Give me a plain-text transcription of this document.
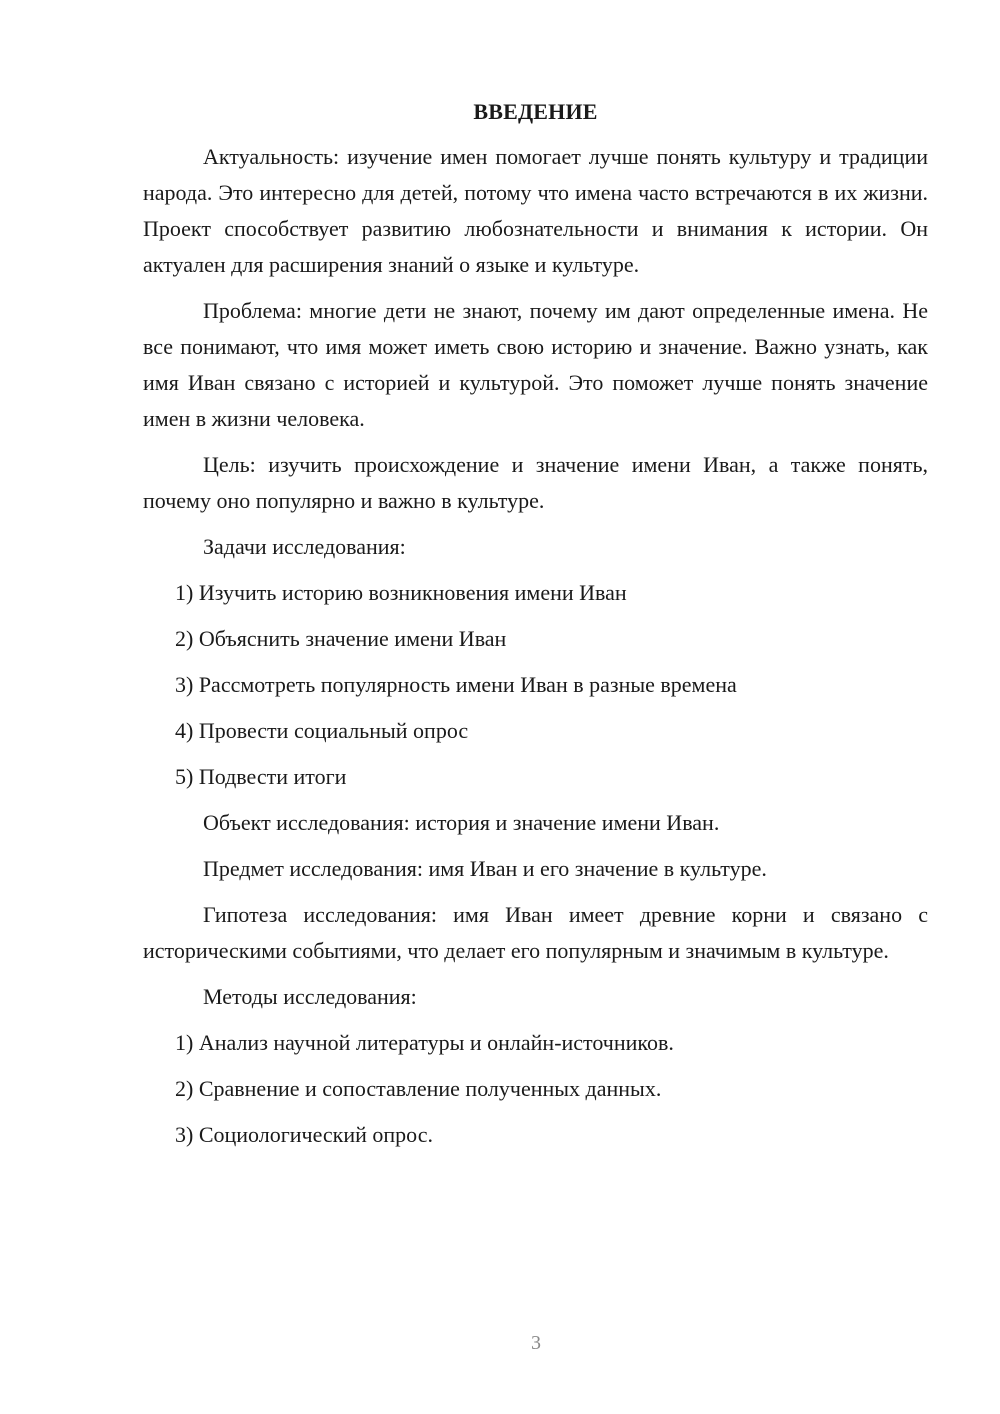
ВВЕДЕНИЕ

Актуальность: изучение имен помогает лучше понять культуру и традиции народа. Это интересно для детей, потому что имена часто встречаются в их жизни. Проект способствует развитию любознательности и внимания к истории. Он актуален для расширения знаний о языке и культуре.

Проблема: многие дети не знают, почему им дают определенные имена. Не все понимают, что имя может иметь свою историю и значение. Важно узнать, как имя Иван связано с историей и культурой. Это поможет лучше понять значение имен в жизни человека.

Цель: изучить происхождение и значение имени Иван, а также понять, почему оно популярно и важно в культуре.

Задачи исследования:

1) Изучить историю возникновения имени Иван
2) Объяснить значение имени Иван
3) Рассмотреть популярность имени Иван в разные времена
4) Провести социальный опрос
5) Подвести итоги

Объект исследования: история и значение имени Иван.

Предмет исследования: имя Иван и его значение в культуре.

Гипотеза исследования: имя Иван имеет древние корни и связано с историческими событиями, что делает его популярным и значимым в культуре.

Методы исследования:

1) Анализ научной литературы и онлайн-источников.
2) Сравнение и сопоставление полученных данных.
3) Социологический опрос.
3
